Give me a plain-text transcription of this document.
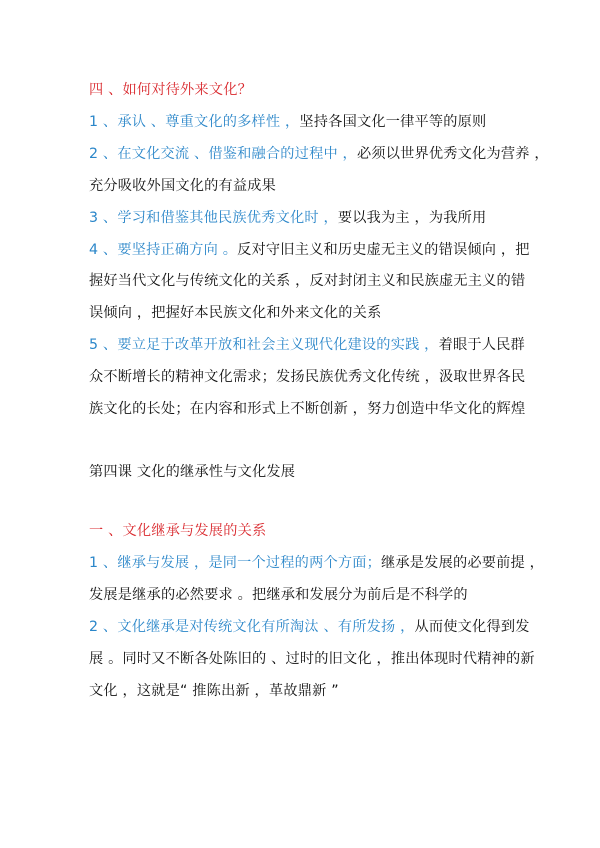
四 、如何对待外来文化？
1 、承认 、尊重文化的多样性 ，坚持各国文化一律平等的原则
2 、在文化交流 、借鉴和融合的过程中 ，必须以世界优秀文化为营养 ，
充分吸收外国文化的有益成果
3 、学习和借鉴其他民族优秀文化时 ，要以我为主 ，为我所用
4 、要坚持正确方向 。反对守旧主义和历史虚无主义的错误倾向 ，把
握好当代文化与传统文化的关系 ，反对封闭主义和民族虚无主义的错
误倾向 ，把握好本民族文化和外来文化的关系
5 、要立足于改革开放和社会主义现代化建设的实践 ，着眼于人民群
众不断增长的精神文化需求；发扬民族优秀文化传统 ，汲取世界各民
族文化的长处；在内容和形式上不断创新 ，努力创造中华文化的辉煌
第四课 文化的继承性与文化发展
一 、文化继承与发展的关系
1 、继承与发展 ，是同一个过程的两个方面；继承是发展的必要前提 ，
发展是继承的必然要求 。把继承和发展分为前后是不科学的
2 、文化继承是对传统文化有所淘汰 、有所发扬 ，从而使文化得到发
展 。同时又不断各处陈旧的 、过时的旧文化 ，推出体现时代精神的新
文化 ，这就是“ 推陈出新 ，革故鼎新 ”
